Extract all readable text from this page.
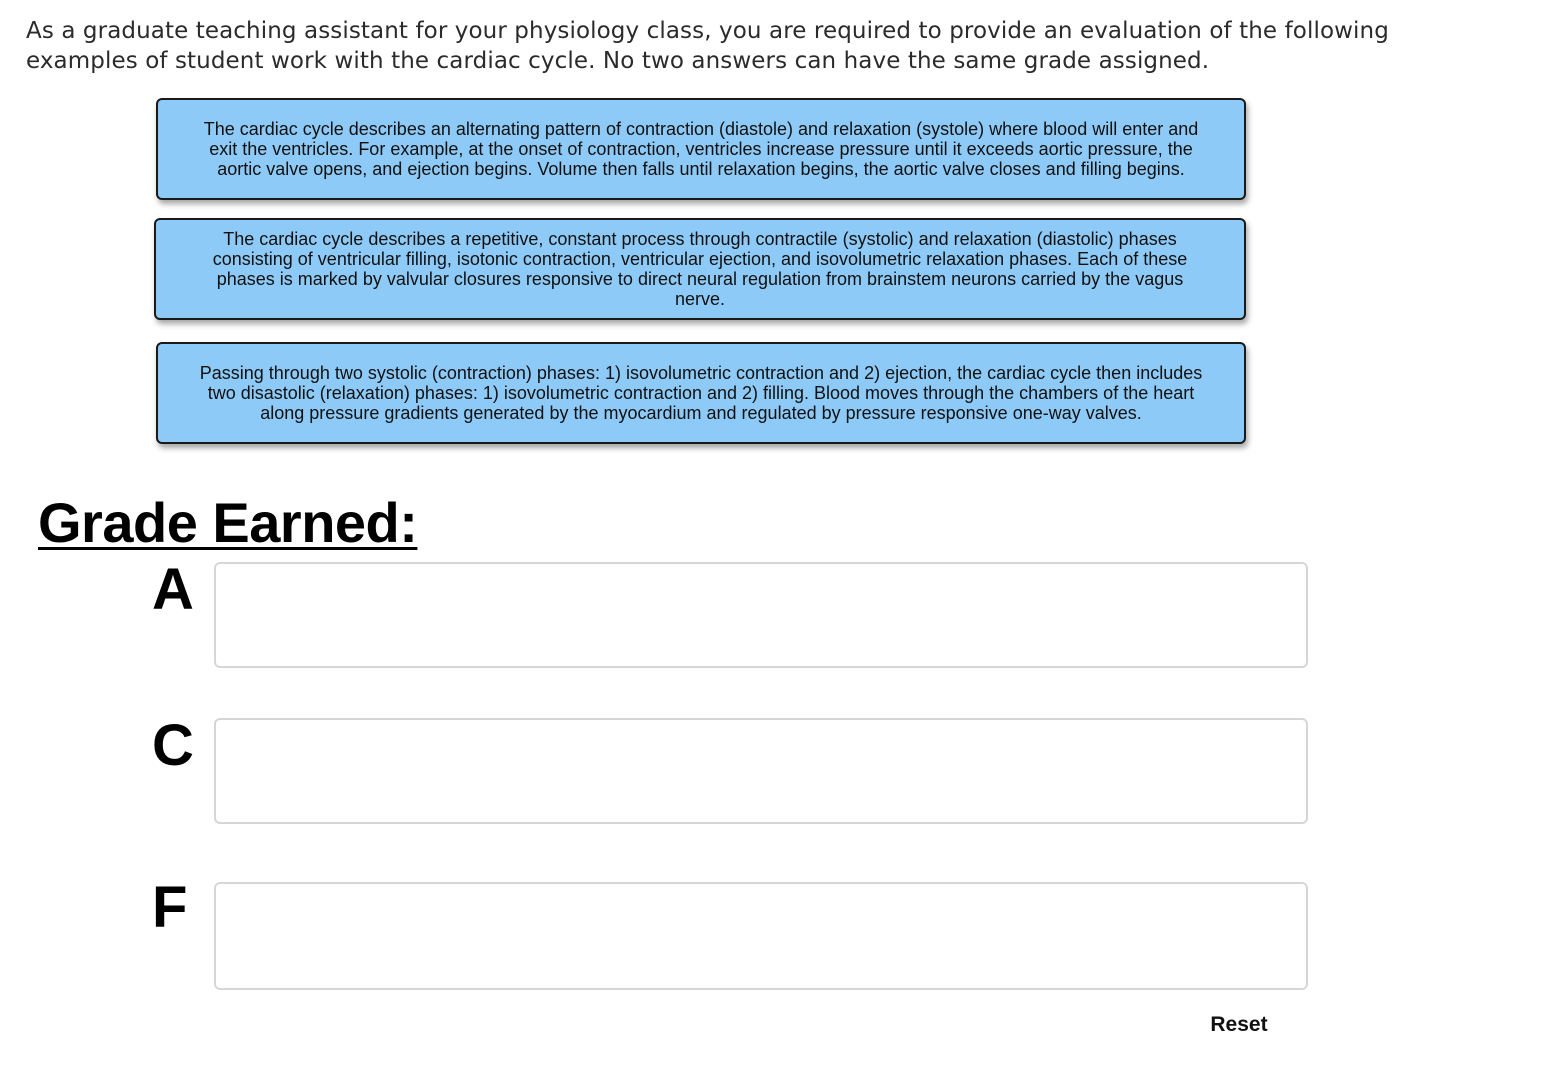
As a graduate teaching assistant for your physiology class, you are required to provide an evaluation of the following examples of student work with the cardiac cycle. No two answers can have the same grade assigned.
The cardiac cycle describes an alternating pattern of contraction (diastole) and relaxation (systole) where blood will enter and exit the ventricles. For example, at the onset of contraction, ventricles increase pressure until it exceeds aortic pressure, the aortic valve opens, and ejection begins. Volume then falls until relaxation begins, the aortic valve closes and filling begins.
The cardiac cycle describes a repetitive, constant process through contractile (systolic) and relaxation (diastolic) phases consisting of ventricular filling, isotonic contraction, ventricular ejection, and isovolumetric relaxation phases. Each of these phases is marked by valvular closures responsive to direct neural regulation from brainstem neurons carried by the vagus nerve.
Passing through two systolic (contraction) phases: 1) isovolumetric contraction and 2) ejection, the cardiac cycle then includes two disastolic (relaxation) phases: 1) isovolumetric contraction and 2) filling. Blood moves through the chambers of the heart along pressure gradients generated by the myocardium and regulated by pressure responsive one-way valves.
Grade Earned:
A
C
F
Reset
